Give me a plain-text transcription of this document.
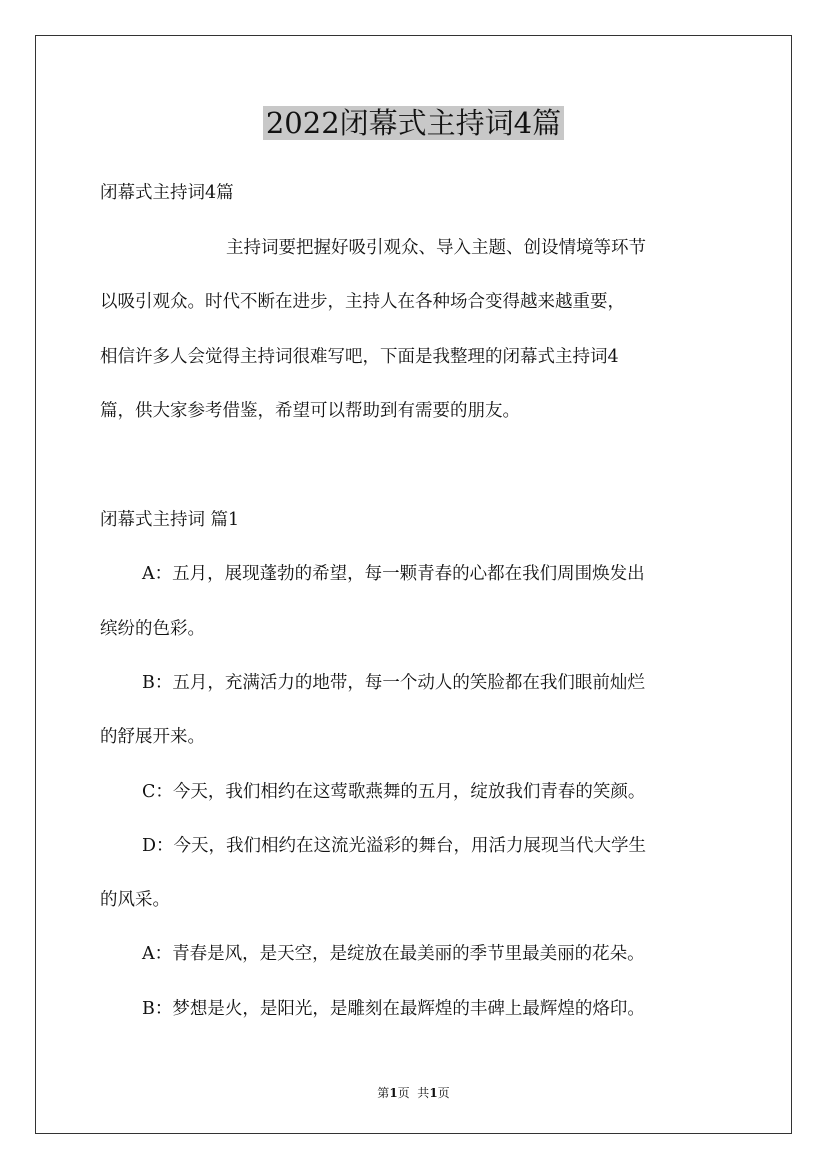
2022闭幕式主持词4篇

闭幕式主持词4篇

主持词要把握好吸引观众、导入主题、创设情境等环节

以吸引观众。时代不断在进步，主持人在各种场合变得越来越重要，

相信许多人会觉得主持词很难写吧，下面是我整理的闭幕式主持词4

篇，供大家参考借鉴，希望可以帮助到有需要的朋友。

闭幕式主持词 篇1

A：五月，展现蓬勃的希望，每一颗青春的心都在我们周围焕发出

缤纷的色彩。

B：五月，充满活力的地带，每一个动人的笑脸都在我们眼前灿烂

的舒展开来。

C：今天，我们相约在这莺歌燕舞的五月，绽放我们青春的笑颜。

D：今天，我们相约在这流光溢彩的舞台，用活力展现当代大学生

的风采。

A：青春是风，是天空，是绽放在最美丽的季节里最美丽的花朵。

B：梦想是火，是阳光，是雕刻在最辉煌的丰碑上最辉煌的烙印。

第1页  共1页
